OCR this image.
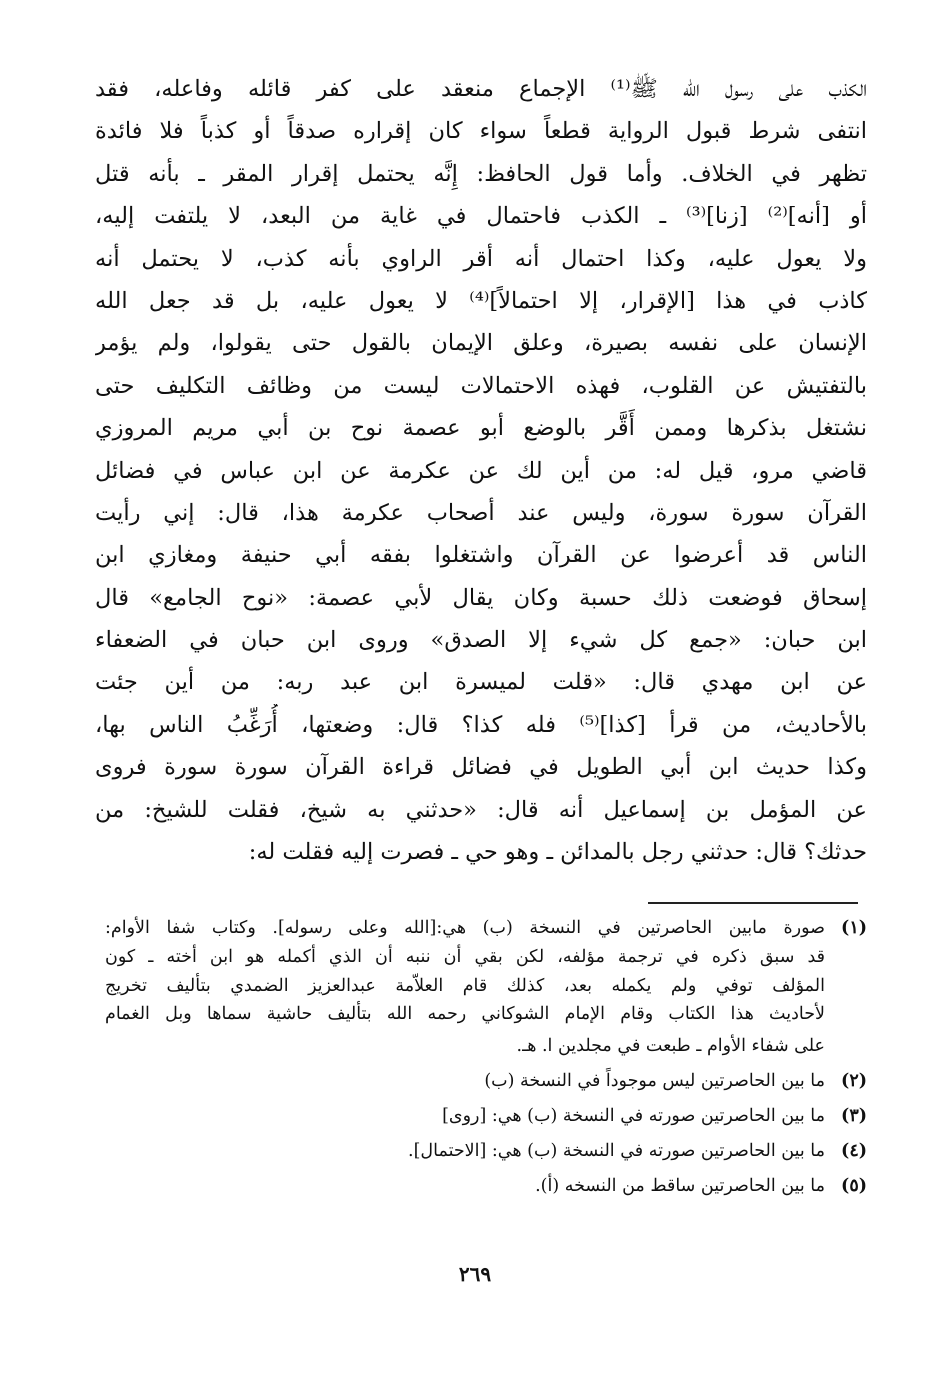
الكذب على رسول الله ﷺ⁽¹⁾ الإجماع منعقد على كفر قائله وفاعله، فقد
انتفى شرط قبول الرواية قطعاً سواء كان إقراره صدقاً أو كذباً فلا فائدة
تظهر في الخلاف. وأما قول الحافظ: إِنَّه يحتمل إقرار المقر ـ بأنه قتل
أو [أنه]⁽²⁾ [زنا]⁽³⁾ ـ الكذب فاحتمال في غاية من البعد، لا يلتفت إليه،
ولا يعول عليه، وكذا احتمال أنه أقر الراوي بأنه كذب، لا يحتمل أنه
كاذب في هذا [الإقرار، إلا احتمالاً]⁽⁴⁾ لا يعول عليه، بل قد جعل الله
الإنسان على نفسه بصيرة، وعلق الإيمان بالقول حتى يقولوا، ولم يؤمر
بالتفتيش عن القلوب، فهذه الاحتمالات ليست من وظائف التكليف حتى
نشتغل بذكرها وممن أَقَّر بالوضع أبو عصمة نوح بن أبي مريم المروزي
قاضي مرو، قيل له: من أين لك عن عكرمة عن ابن عباس في فضائل
القرآن سورة سورة، وليس عند أصحاب عكرمة هذا، قال: إني رأيت
الناس قد أعرضوا عن القرآن واشتغلوا بفقه أبي حنيفة ومغازي ابن
إسحاق فوضعت ذلك حسبة وكان يقال لأبي عصمة: «نوح الجامع» قال
ابن حبان: «جمع كل شيء إلا الصدق» وروى ابن حبان في الضعفاء
عن ابن مهدي قال: «قلت لميسرة ابن عبد ربه: من أين جئت
بالأحاديث، من قرأ [كذا]⁽⁵⁾ فله كذا؟ قال: وضعتها، أُرَغِّبُ الناس بها،
وكذا حديث ابن أبي الطويل في فضائل قراءة القرآن سورة سورة فروى
عن المؤمل بن إسماعيل أنه قال: «حدثني به شيخ، فقلت للشيخ: من
حدثك؟ قال: حدثني رجل بالمدائن ـ وهو حي ـ فصرت إليه فقلت له:
(١)صورة مابين الحاصرتين في النسخة (ب) هي:[الله وعلى رسوله]. وكتاب شفا الأوام:
قد سبق ذكره في ترجمة مؤلفه، لكن بقي أن ننبه أن الذي أكمله هو ابن أخته ـ كون
المؤلف توفي ولم يكمله بعد، كذلك قام العلاّمة عبدالعزيز الضمدي بتأليف تخريج
لأحاديث هذا الكتاب وقام الإمام الشوكاني رحمه الله بتأليف حاشية سماها وبل الغمام
على شفاء الأوام ـ طبعت في مجلدين ا. هـ.
(٢)ما بين الحاصرتين ليس موجوداً في النسخة (ب)
(٣)ما بين الحاصرتين صورته في النسخة (ب) هي: [روى]
(٤)ما بين الحاصرتين صورته في النسخة (ب) هي: [الاحتمال].
(٥)ما بين الحاصرتين ساقط من النسخه (أ).
٢٦٩
